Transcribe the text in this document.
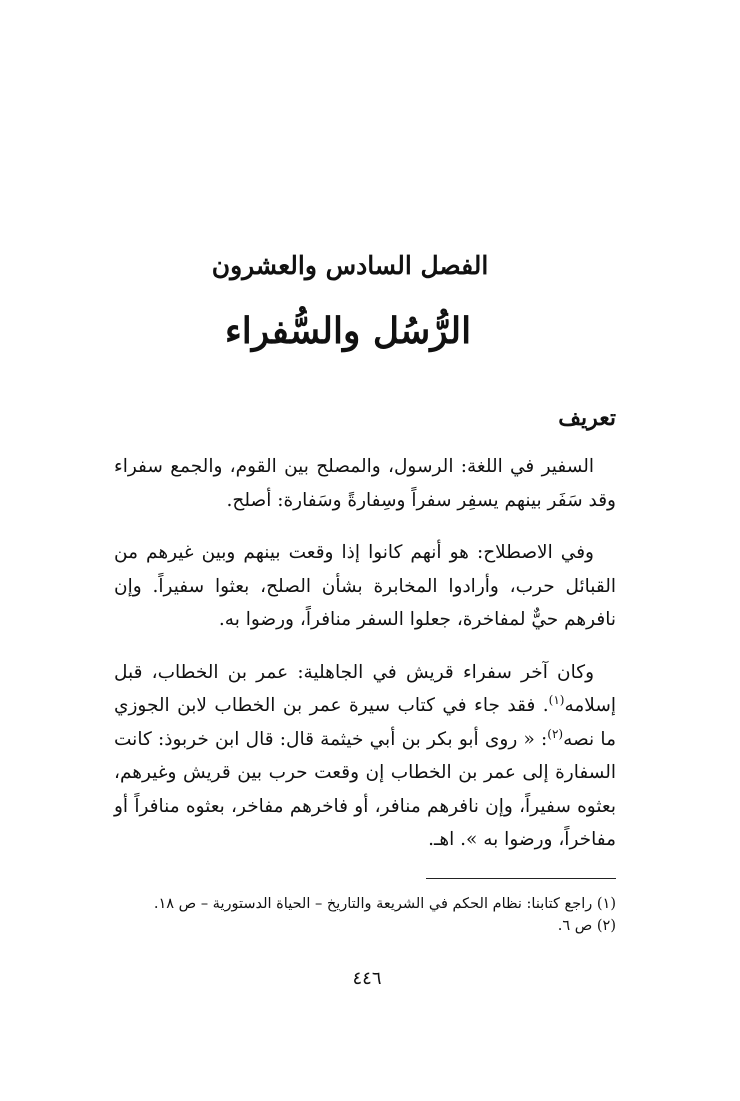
الفصل السادس والعشرون
الرُّسُل والسُّفراء
تعريف

السفير في اللغة: الرسول، والمصلح بين القوم، والجمع سفراء وقد سَفَر بينهم يسفِر سفراً وسِفارةً وسَفارة: أصلح.

وفي الاصطلاح: هو أنهم كانوا إذا وقعت بينهم وبين غيرهم من القبائل حرب، وأرادوا المخابرة بشأن الصلح، بعثوا سفيراً. وإن نافرهم حيٌّ لمفاخرة، جعلوا السفر منافراً، ورضوا به.

وكان آخر سفراء قريش في الجاهلية: عمر بن الخطاب، قبل إسلامه$^{(١)}$. فقد جاء في كتاب سيرة عمر بن الخطاب لابن الجوزي ما نصه$^{(٢)}$: « روى أبو بكر بن أبي خيثمة قال: قال ابن خربوذ: كانت السفارة إلى عمر بن الخطاب إن وقعت حرب بين قريش وغيرهم، بعثوه سفيراً، وإن نافرهم منافر، أو فاخرهم مفاخر، بعثوه منافراً أو مفاخراً، ورضوا به ». اهـ.

(١) راجع كتابنا: نظام الحكم في الشريعة والتاريخ – الحياة الدستورية – ص ١٨.
(٢) ص ٦.
٤٤٦
